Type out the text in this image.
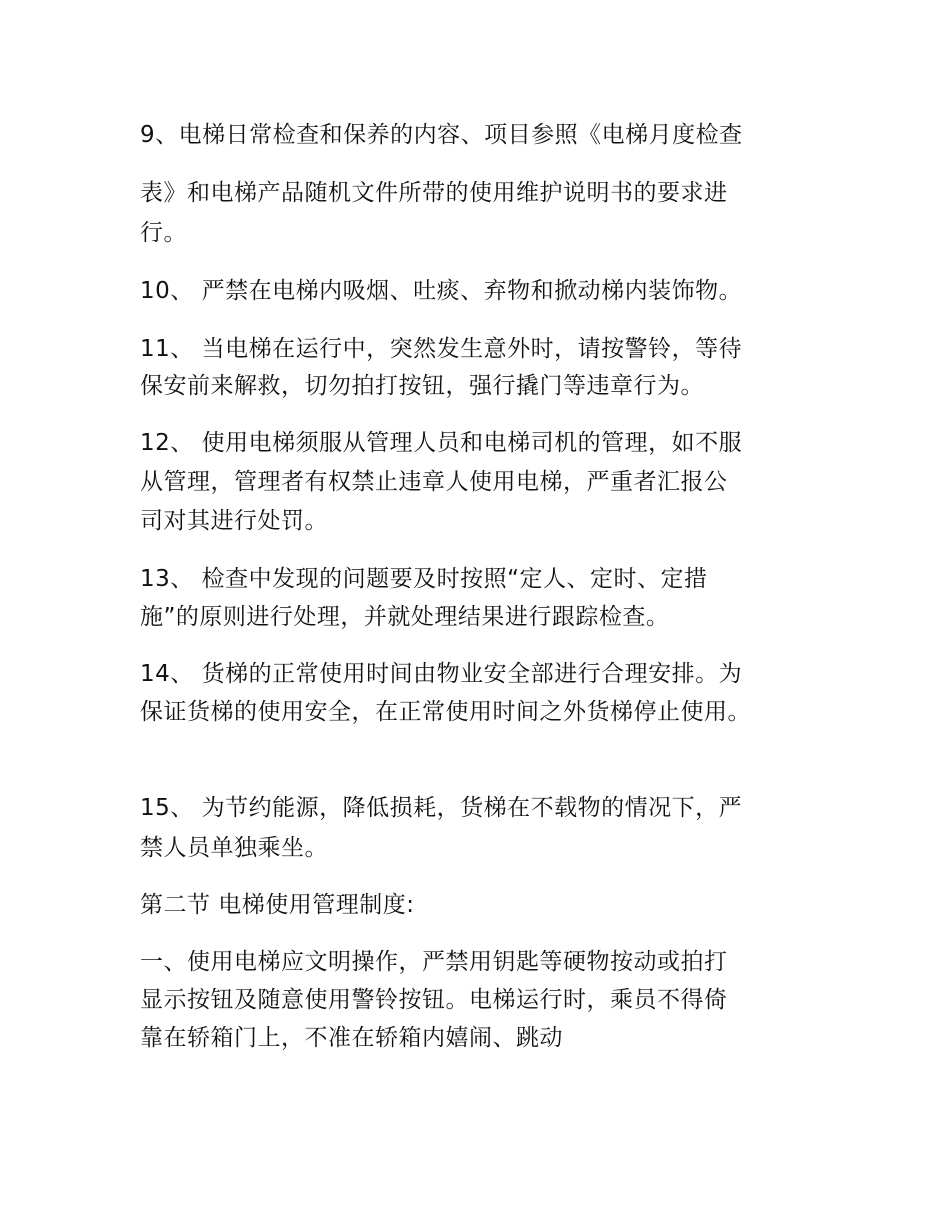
9、电梯日常检查和保养的内容、项目参照《电梯月度检查
表》和电梯产品随机文件所带的使用维护说明书的要求进
行。
10、 严禁在电梯内吸烟、吐痰、弃物和掀动梯内装饰物。
11、 当电梯在运行中，突然发生意外时，请按警铃，等待
保安前来解救，切勿拍打按钮，强行撬门等违章行为。
12、 使用电梯须服从管理人员和电梯司机的管理，如不服
从管理，管理者有权禁止违章人使用电梯，严重者汇报公
司对其进行处罚。
13、 检查中发现的问题要及时按照“定人、定时、定措
施”的原则进行处理，并就处理结果进行跟踪检查。
14、 货梯的正常使用时间由物业安全部进行合理安排。为
保证货梯的使用安全，在正常使用时间之外货梯停止使用。
15、 为节约能源，降低损耗，货梯在不载物的情况下，严
禁人员单独乘坐。
第二节 电梯使用管理制度:
一、使用电梯应文明操作，严禁用钥匙等硬物按动或拍打
显示按钮及随意使用警铃按钮。电梯运行时，乘员不得倚
靠在轿箱门上，不准在轿箱内嬉闹、跳动
